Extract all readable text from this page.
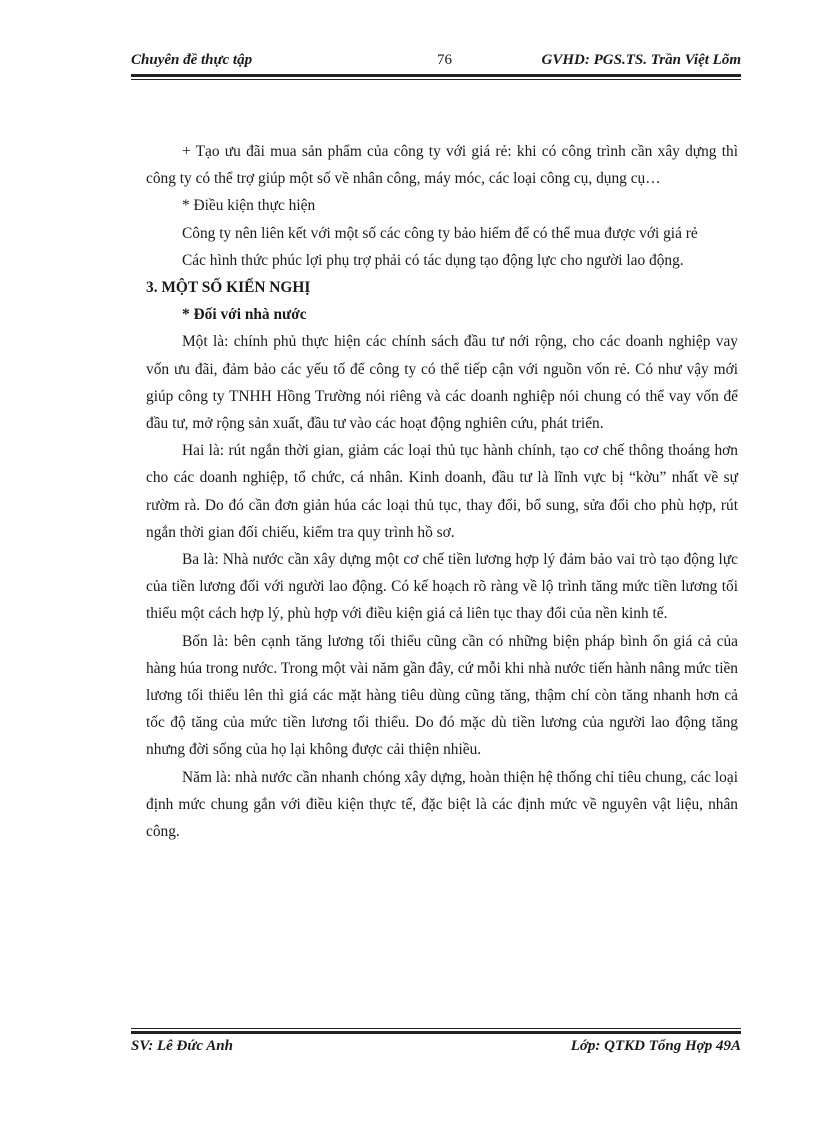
Chuyên đề thực tập	76	GVHD: PGS.TS. Trần Việt Lõm

+ Tạo ưu đãi mua sản phẩm của công ty với giá rẻ: khi có công trình cần xây dựng thì công ty có thể trợ giúp một số về nhân công, máy móc, các loại công cụ, dụng cụ…

* Điều kiện thực hiện

Công ty nên liên kết với một số các công ty bảo hiểm để có thể mua được với giá rẻ

Các hình thức phúc lợi phụ trợ phải có tác dụng tạo động lực cho người lao động.

3. MỘT SỐ KIẾN NGHỊ

* Đối với nhà nước

Một là: chính phủ thực hiện các chính sách đầu tư nới rộng, cho các doanh nghiệp vay vốn ưu đãi, đảm bảo các yếu tố để công ty có thể tiếp cận với nguồn vốn rẻ. Có như vậy mới giúp công ty TNHH Hồng Trường nói riêng và các doanh nghiệp nói chung có thể vay vốn để đầu tư, mở rộng sản xuất, đầu tư vào các hoạt động nghiên cứu, phát triển.

Hai là: rút ngắn thời gian, giảm các loại thủ tục hành chính, tạo cơ chế thông thoáng hơn cho các doanh nghiệp, tổ chức, cá nhân. Kinh doanh, đầu tư là lĩnh vực bị “kờu” nhất về sự rườm rà. Do đó cần đơn giản húa các loại thủ tục, thay đổi, bổ sung, sửa đổi cho phù hợp, rút ngắn thời gian đối chiếu, kiểm tra quy trình hồ sơ.

Ba là: Nhà nước cần xây dựng một cơ chế tiền lương hợp lý đảm bảo vai trò tạo động lực của tiền lương đối với người lao động. Có kế hoạch rõ ràng về lộ trình tăng mức tiền lương tối thiểu một cách hợp lý, phù hợp với điều kiện giá cả liên tục thay đổi của nền kinh tế.

Bốn là: bên cạnh tăng lương tối thiểu cũng cần có những biện pháp bình ổn giá cả của hàng húa trong nước. Trong một vài năm gần đây, cứ mỗi khi nhà nước tiến hành nâng mức tiền lương tối thiểu lên thì giá các mặt hàng tiêu dùng cũng tăng, thậm chí còn tăng nhanh hơn cả tốc độ tăng của mức tiền lương tối thiểu. Do đó mặc dù tiền lương của người lao động tăng nhưng đời sống của họ lại không được cải thiện nhiều.

Năm là: nhà nước cần nhanh chóng xây dựng, hoàn thiện hệ thống chỉ tiêu chung, các loại định mức chung gắn với điều kiện thực tế, đặc biệt là các định mức về nguyên vật liệu, nhân công.

SV: Lê Đức Anh	Lớp: QTKD Tổng Hợp 49A
